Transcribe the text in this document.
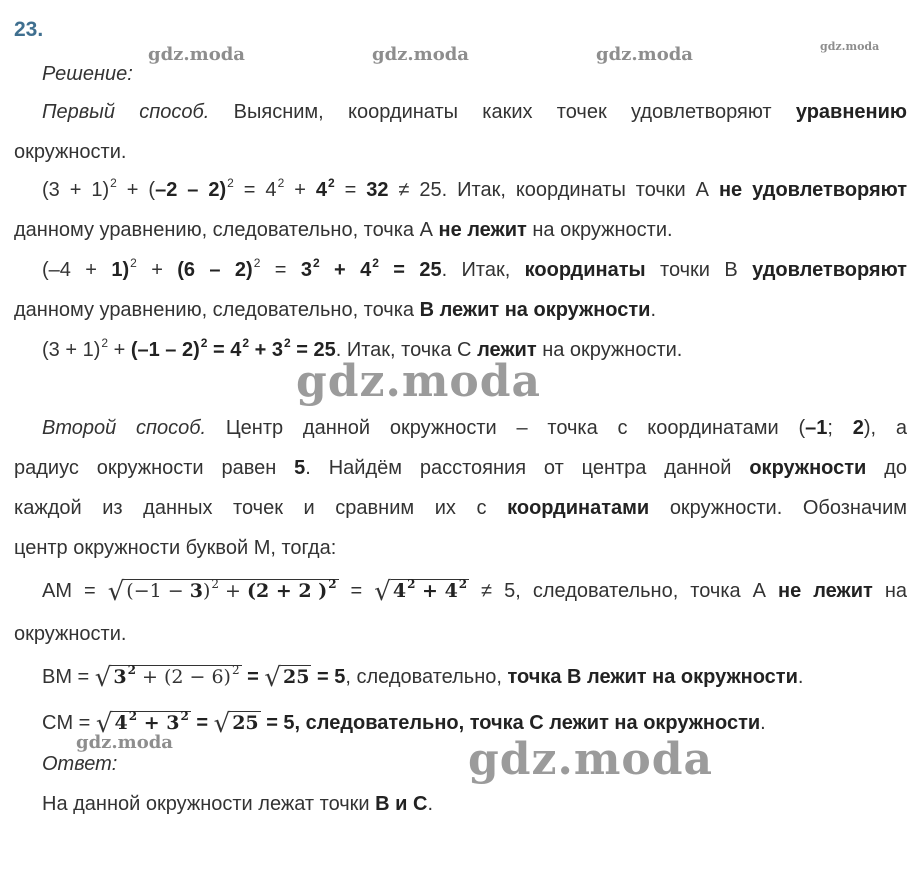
23.
gdz.moda	gdz.moda	gdz.moda	gdz.moda
Решение:
Первый способ. Выясним, координаты каких точек удовлетворяют уравнению
окружности.
$(3 + 1)^2 + (-2 - 2)^2 = 4^2 + 4^2 = 32 \ne 25$. Итак, координаты точки А не удовлетворяют
данному уравнению, следовательно, точка А не лежит на окружности.
$(-4 + 1)^2 + (6 - 2)^2 = 3^2 + 4^2 = 25$. Итак, координаты точки В удовлетворяют
данному уравнению, следовательно, точка В лежит на окружности.
$(3 + 1)^2 + (-1 - 2)^2 = 4^2 + 3^2 = 25$. Итак, точка С лежит на окружности.
gdz.moda
Второй способ. Центр данной окружности – точка с координатами (–1; 2), а
радиус окружности равен 5. Найдём расстояния от центра данной окружности до
каждой из данных точек и сравним их с координатами окружности. Обозначим
центр окружности буквой М, тогда:
AM = √ $(-1 - 3)^2 + (2 + 2$ )$^2$ = √ $4^2 + 4^2 \ne 5$, следовательно, точка А не лежит на
окружности.
BM = √ $3^2 + (2 - 6)^2$ = √ 25 = 5, следовательно, точка В лежит на окружности.
CM = √ $4^2 + 3^2$ = √ 25 = 5, следовательно, точка С лежит на окружности.
gdz.moda	gdz.moda
Ответ:
На данной окружности лежат точки В и С.
